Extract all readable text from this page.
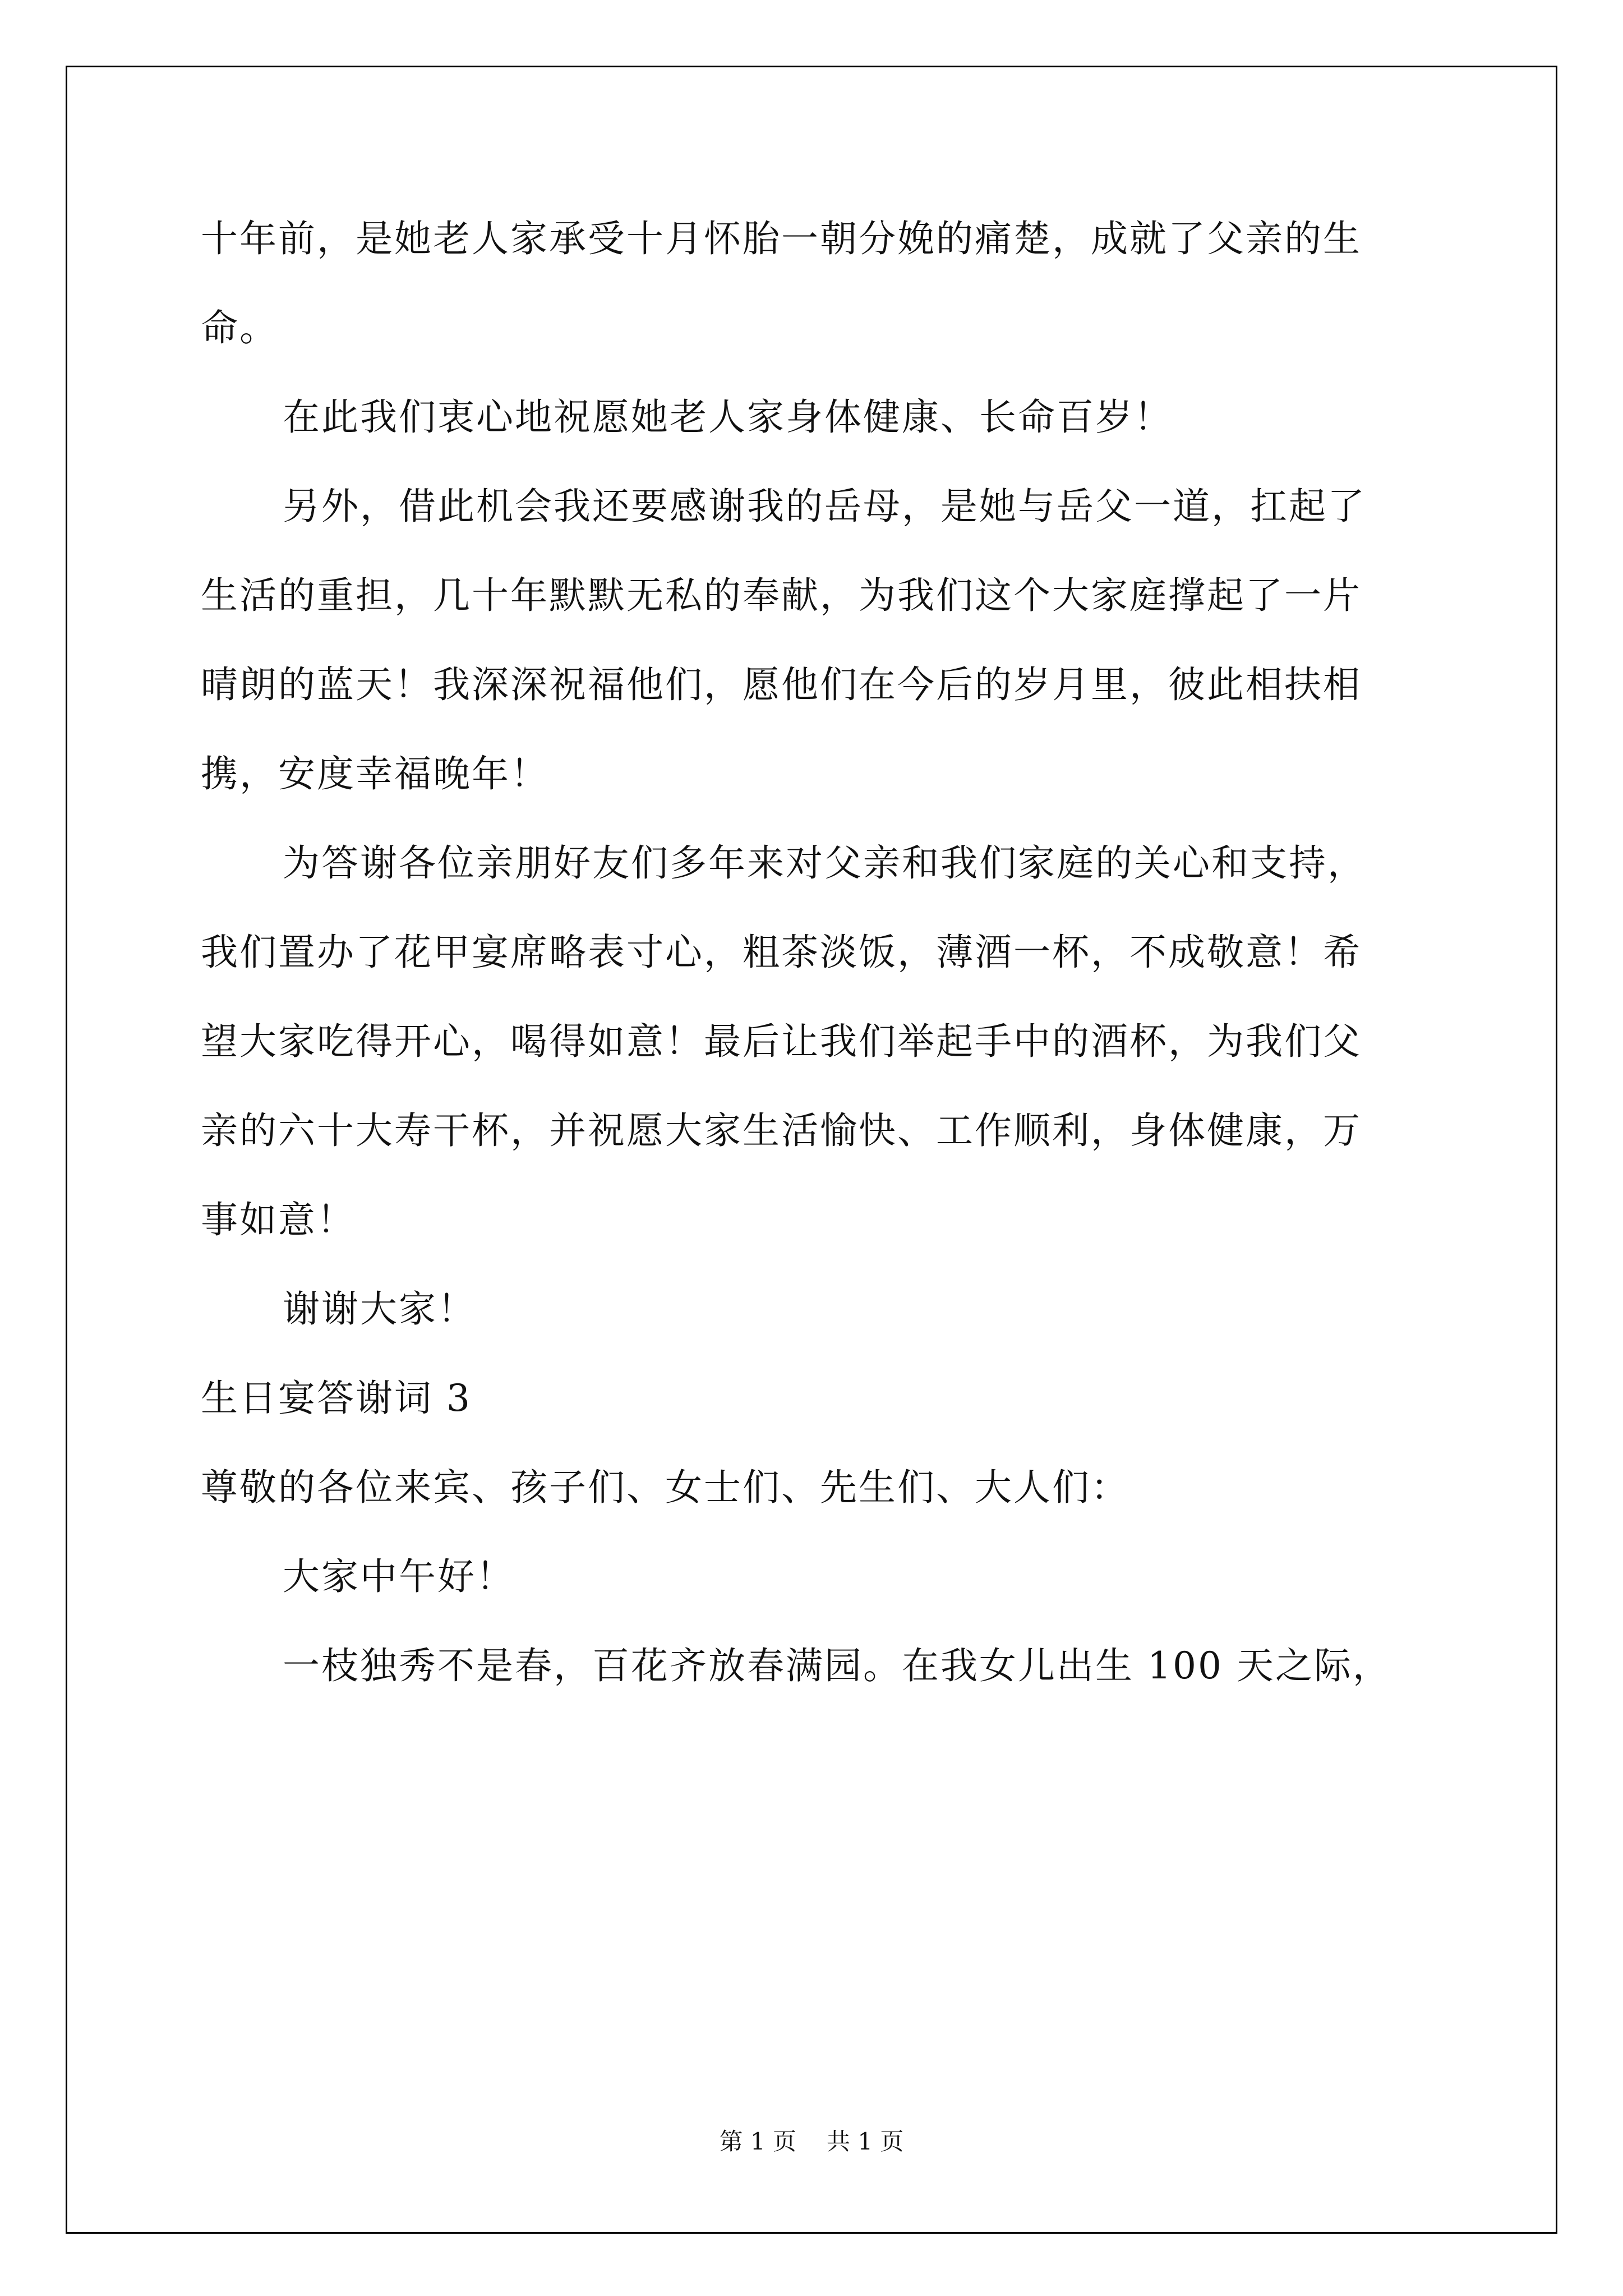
十年前，是她老人家承受十月怀胎一朝分娩的痛楚，成就了父亲的生
命。
在此我们衷心地祝愿她老人家身体健康、长命百岁！
另外，借此机会我还要感谢我的岳母，是她与岳父一道，扛起了
生活的重担，几十年默默无私的奉献，为我们这个大家庭撑起了一片
晴朗的蓝天！我深深祝福他们，愿他们在今后的岁月里，彼此相扶相
携，安度幸福晚年！
为答谢各位亲朋好友们多年来对父亲和我们家庭的关心和支持，
我们置办了花甲宴席略表寸心，粗茶淡饭，薄酒一杯，不成敬意！希
望大家吃得开心，喝得如意！最后让我们举起手中的酒杯，为我们父
亲的六十大寿干杯，并祝愿大家生活愉快、工作顺利，身体健康，万
事如意！
谢谢大家！
生日宴答谢词 3
尊敬的各位来宾、孩子们、女士们、先生们、大人们：
大家中午好！
一枝独秀不是春，百花齐放春满园。在我女儿出生 100 天之际，
第 1 页 共 1 页
